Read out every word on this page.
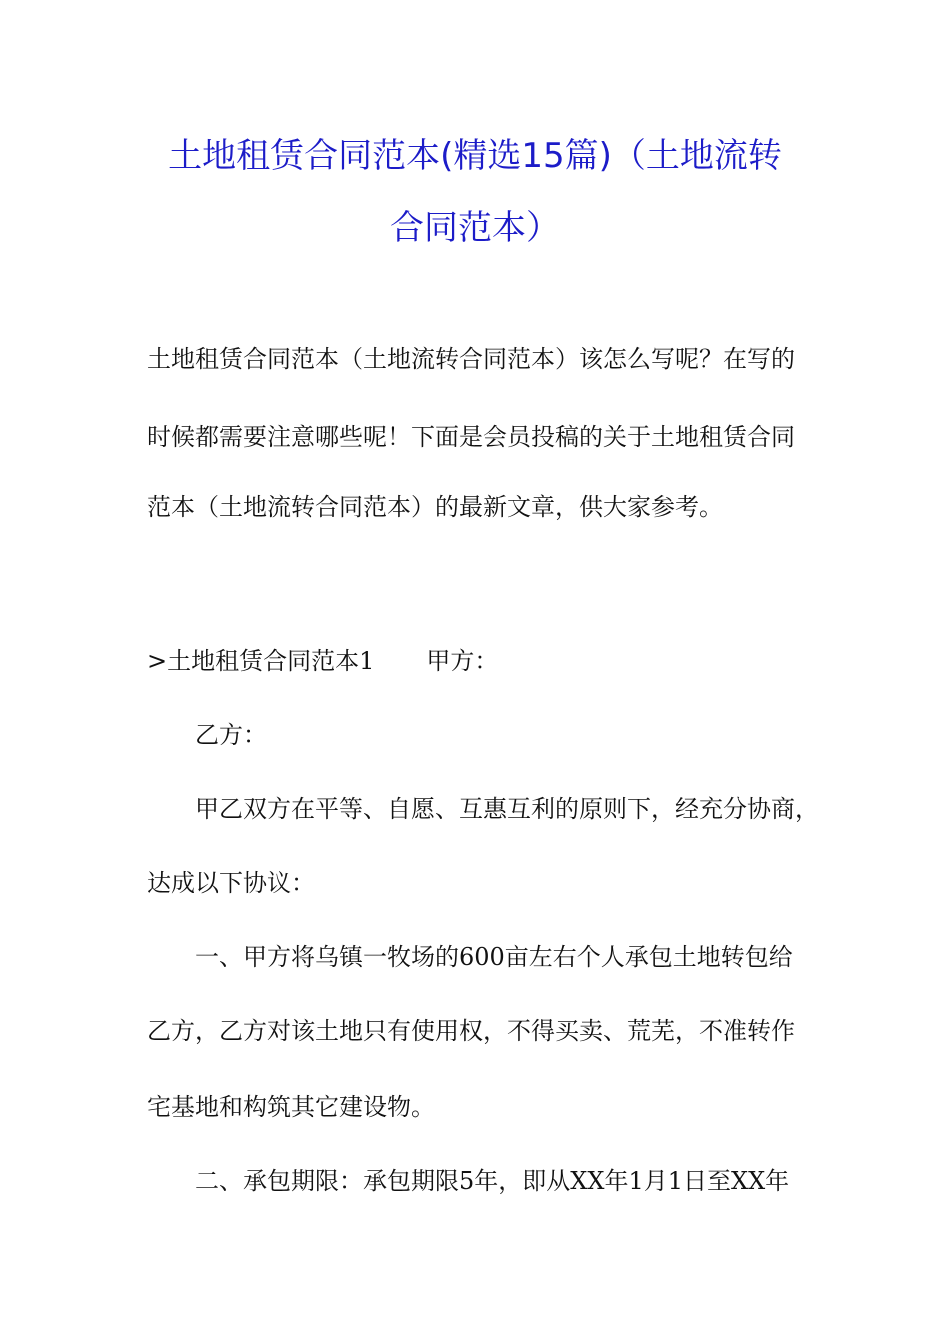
土地租赁合同范本(精选15篇)（土地流转
合同范本）
土地租赁合同范本（土地流转合同范本）该怎么写呢？在写的
时候都需要注意哪些呢！下面是会员投稿的关于土地租赁合同
范本（土地流转合同范本）的最新文章，供大家参考。
>土地租赁合同范本1 甲方：
乙方：
甲乙双方在平等、自愿、互惠互利的原则下，经充分协商，
达成以下协议：
一、甲方将乌镇一牧场的600亩左右个人承包土地转包给
乙方，乙方对该土地只有使用权，不得买卖、荒芜，不准转作
宅基地和构筑其它建设物。
二、承包期限：承包期限5年，即从XX年1月1日至XX年
